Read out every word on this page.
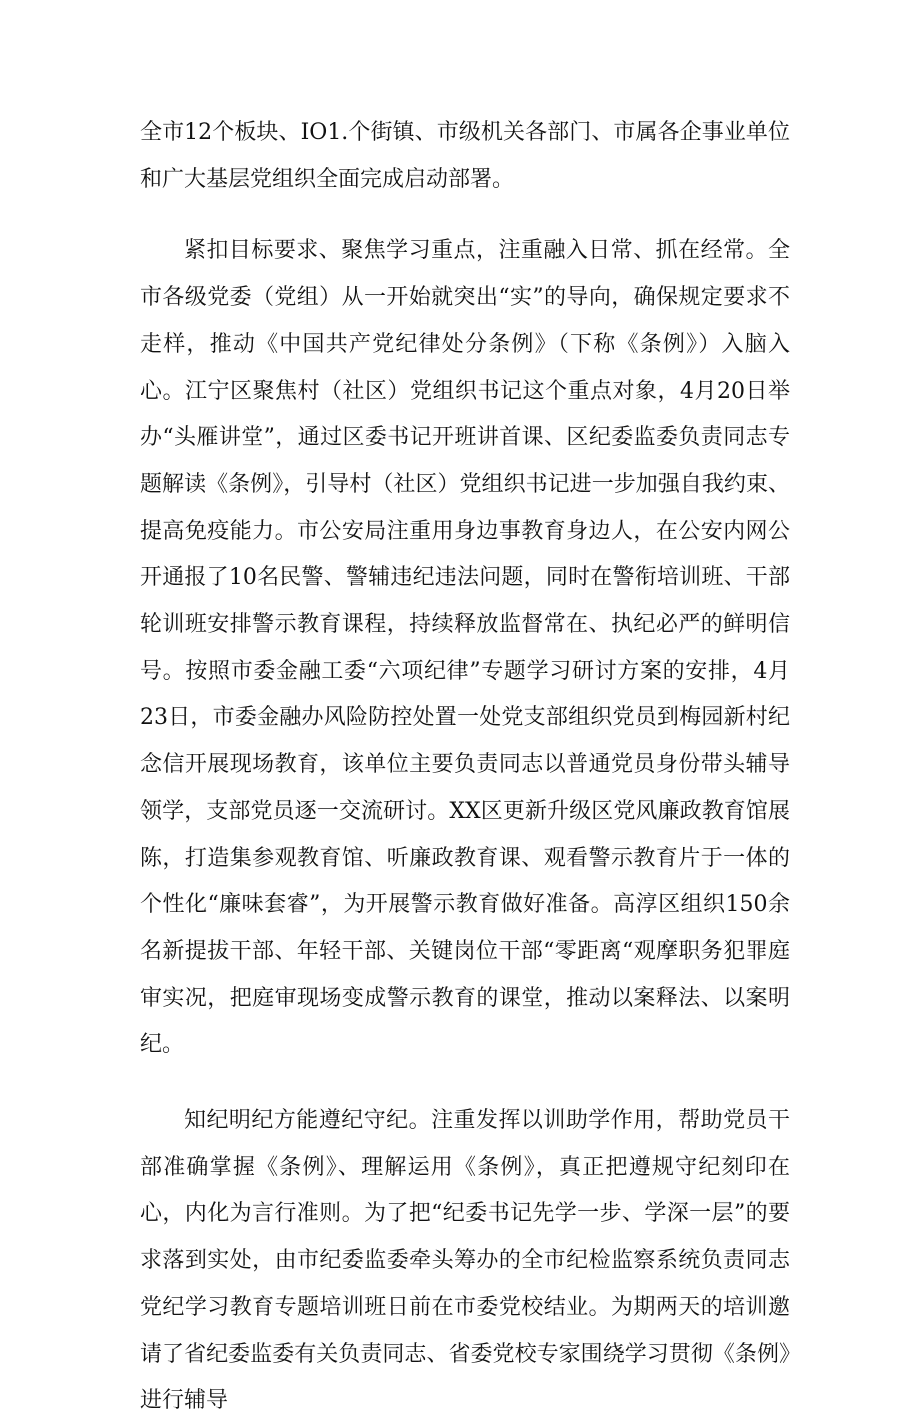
全市12个板块、IO1.个街镇、市级机关各部门、市属各企事业单位和广大基层党组织全面完成启动部署。

紧扣目标要求、聚焦学习重点，注重融入日常、抓在经常。全市各级党委（党组）从一开始就突出“实”的导向，确保规定要求不走样，推动《中国共产党纪律处分条例》（下称《条例》）入脑入心。江宁区聚焦村（社区）党组织书记这个重点对象，4月20日举办“头雁讲堂”，通过区委书记开班讲首课、区纪委监委负责同志专题解读《条例》，引导村（社区）党组织书记进一步加强自我约束、提高免疫能力。市公安局注重用身边事教育身边人，在公安内网公开通报了10名民警、警辅违纪违法问题，同时在警衔培训班、干部轮训班安排警示教育课程，持续释放监督常在、执纪必严的鲜明信号。按照市委金融工委“六项纪律”专题学习研讨方案的安排，4月23日，市委金融办风险防控处置一处党支部组织党员到梅园新村纪念信开展现场教育，该单位主要负责同志以普通党员身份带头辅导领学，支部党员逐一交流研讨。XX区更新升级区党风廉政教育馆展陈，打造集参观教育馆、听廉政教育课、观看警示教育片于一体的个性化“廉味套睿”，为开展警示教育做好准备。高淳区组织150余名新提拔干部、年轻干部、关键岗位干部“零距离“观摩职务犯罪庭审实况，把庭审现场变成警示教育的课堂，推动以案释法、以案明纪。

知纪明纪方能遵纪守纪。注重发挥以训助学作用，帮助党员干部准确掌握《条例》、理解运用《条例》，真正把遵规守纪刻印在心，内化为言行准则。为了把“纪委书记先学一步、学深一层”的要求落到实处，由市纪委监委牵头筹办的全市纪检监察系统负责同志党纪学习教育专题培训班日前在市委党校结业。为期两天的培训邀请了省纪委监委有关负责同志、省委党校专家围绕学习贯彻《条例》进行辅导
